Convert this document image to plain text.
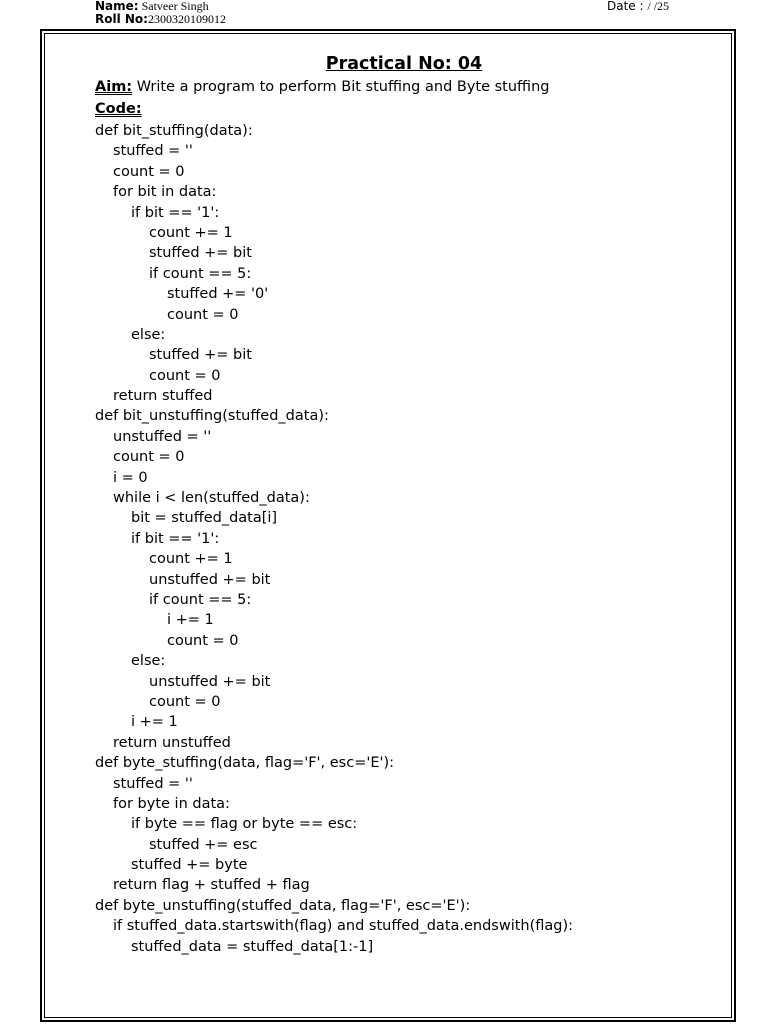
Name: Satveer Singh
Roll No:2300320109012
Date : / /25
Practical No: 04
Aim: Write a program to perform Bit stuffing and Byte stuffing
Code:
def bit_stuffing(data):
stuffed = ''
count = 0
for bit in data:
if bit == '1':
count += 1
stuffed += bit
if count == 5:
stuffed += '0'
count = 0
else:
stuffed += bit
count = 0
return stuffed
def bit_unstuffing(stuffed_data):
unstuffed = ''
count = 0
i = 0
while i < len(stuffed_data):
bit = stuffed_data[i]
if bit == '1':
count += 1
unstuffed += bit
if count == 5:
i += 1
count = 0
else:
unstuffed += bit
count = 0
i += 1
return unstuffed
def byte_stuffing(data, flag='F', esc='E'):
stuffed = ''
for byte in data:
if byte == flag or byte == esc:
stuffed += esc
stuffed += byte
return flag + stuffed + flag
def byte_unstuffing(stuffed_data, flag='F', esc='E'):
if stuffed_data.startswith(flag) and stuffed_data.endswith(flag):
stuffed_data = stuffed_data[1:-1]
